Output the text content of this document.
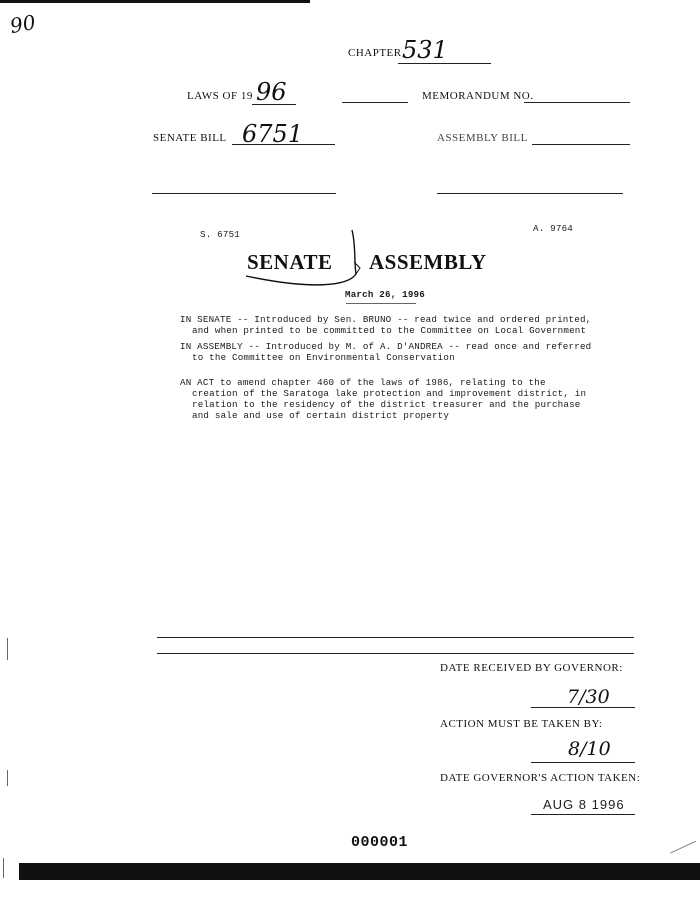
90
CHAPTER 531
LAWS OF 19 96	MEMORANDUM NO.
SENATE BILL 6751	ASSEMBLY BILL
S. 6751
A. 9764
SENATE ASSEMBLY
March 26, 1996
IN SENATE -- Introduced by Sen. BRUNO -- read twice and ordered printed,
and when printed to be committed to the Committee on Local Government
IN ASSEMBLY -- Introduced by M. of A. D'ANDREA -- read once and referred
to the Committee on Environmental Conservation
AN ACT to amend chapter 460 of the laws of 1986, relating to the
creation of the Saratoga lake protection and improvement district, in
relation to the residency of the district treasurer and the purchase
and sale and use of certain district property
DATE RECEIVED BY GOVERNOR:
7/30
ACTION MUST BE TAKEN BY:
8/10
DATE GOVERNOR'S ACTION TAKEN:
AUG 8 1996
000001
